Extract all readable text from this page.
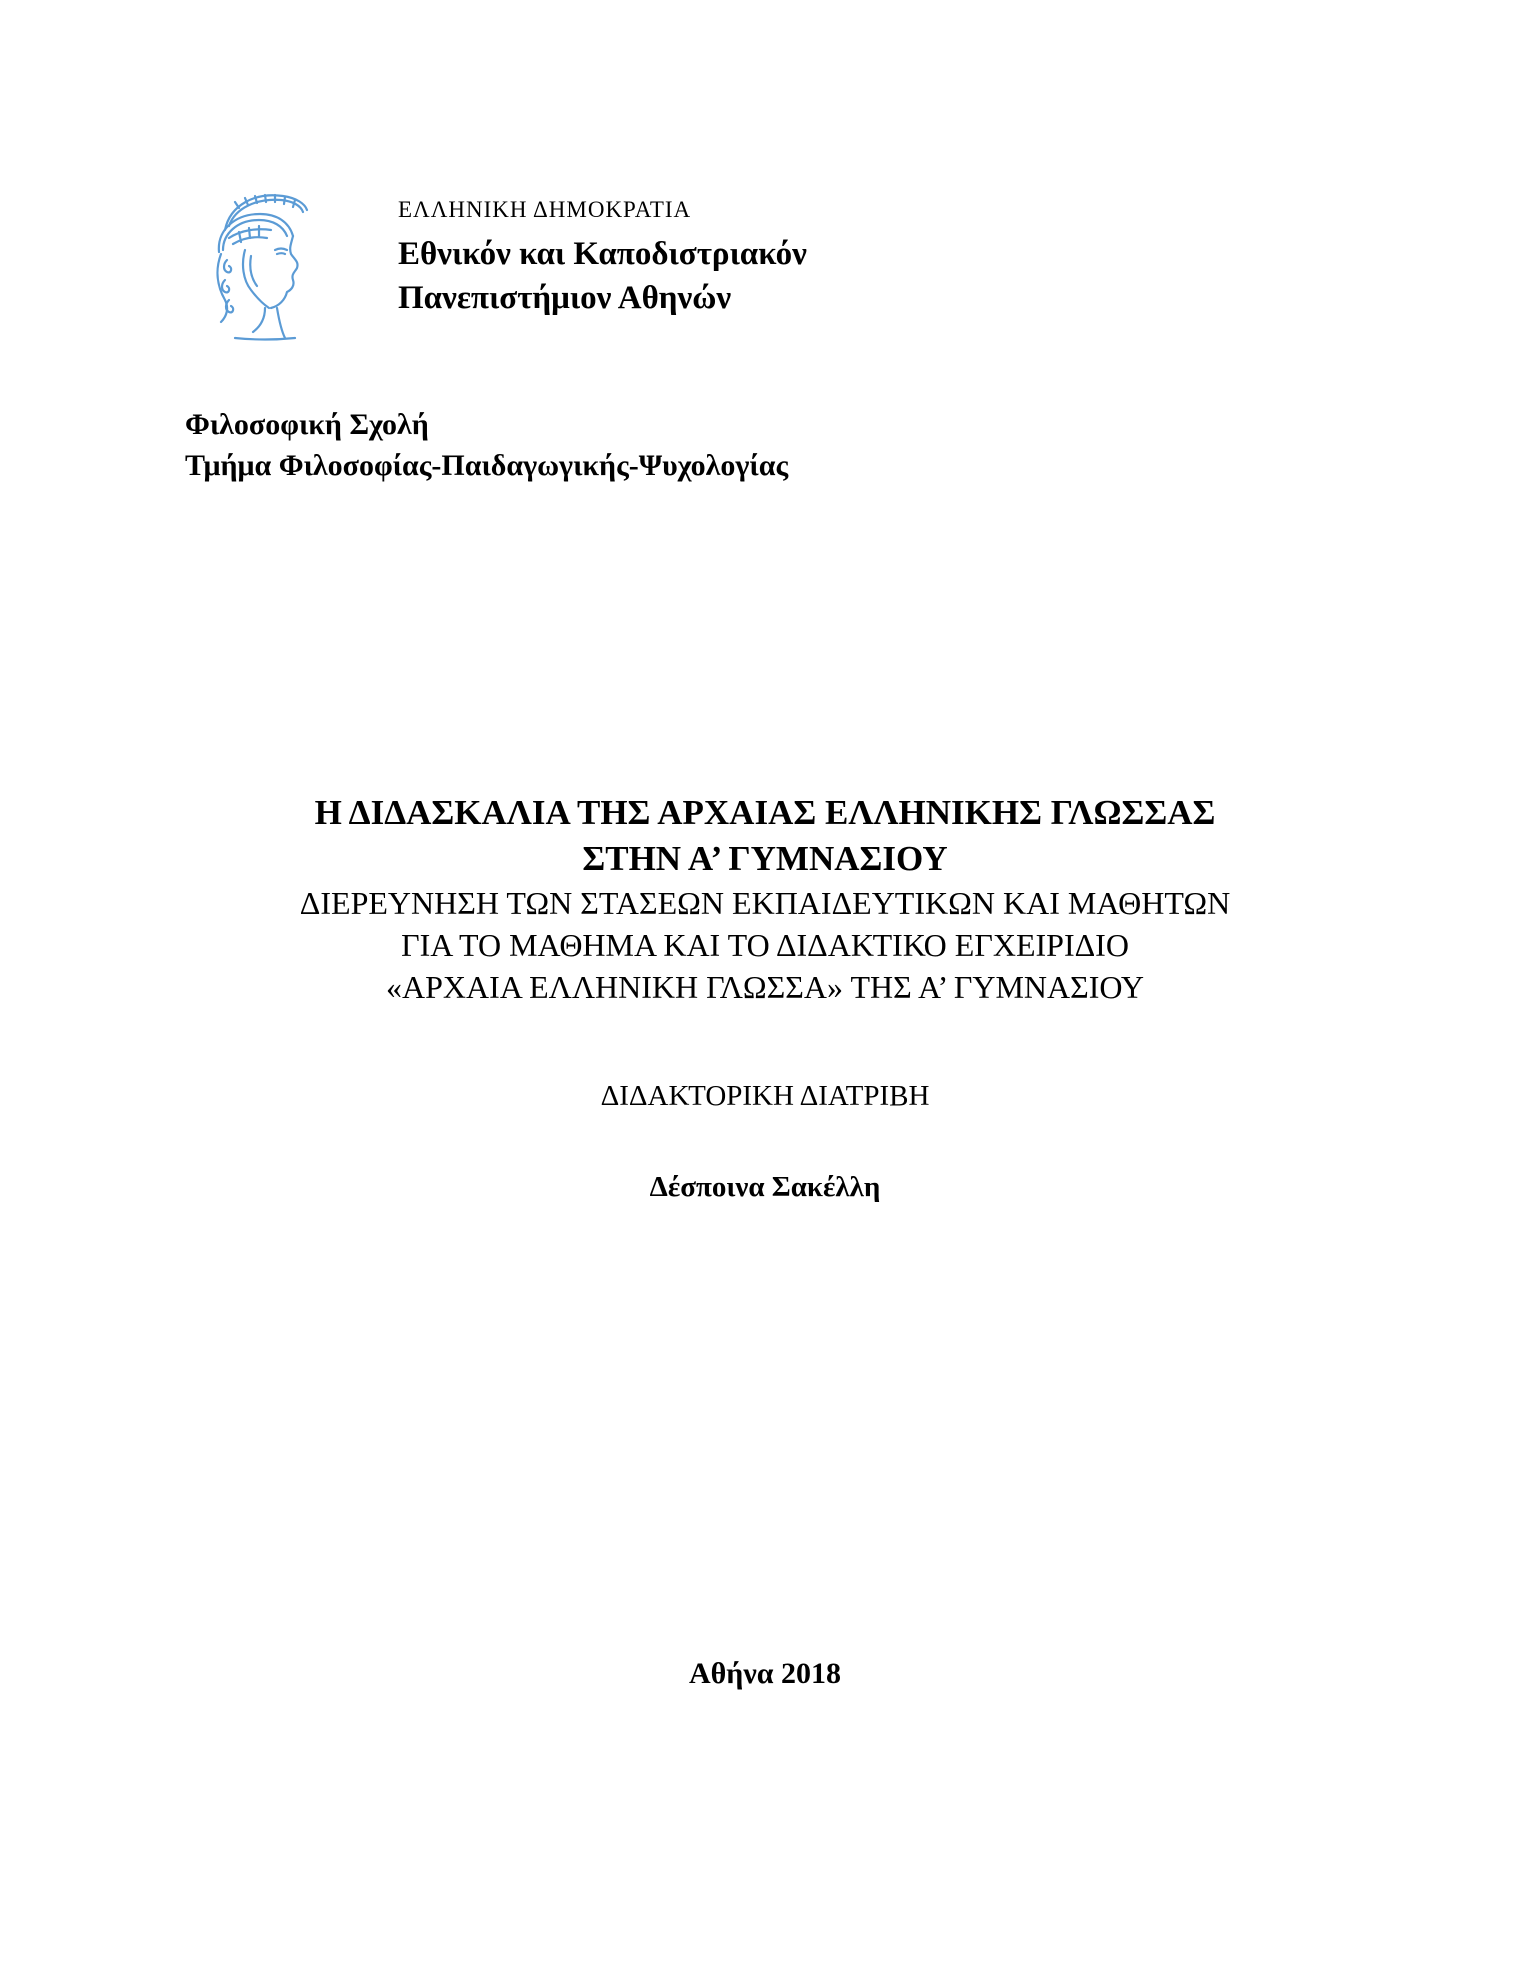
ΕΛΛΗΝΙΚΗ ΔΗΜΟΚΡΑΤΙΑ
Εθνικόν και Καποδιστριακόν
Πανεπιστήμιον Αθηνών
Φιλοσοφική Σχολή
Τμήμα Φιλοσοφίας-Παιδαγωγικής-Ψυχολογίας
Η ΔΙΔΑΣΚΑΛΙΑ ΤΗΣ ΑΡΧΑΙΑΣ ΕΛΛΗΝΙΚΗΣ ΓΛΩΣΣΑΣ
ΣΤΗΝ Α’ ΓΥΜΝΑΣΙΟΥ
ΔΙΕΡΕΥΝΗΣΗ ΤΩΝ ΣΤΑΣΕΩΝ ΕΚΠΑΙΔΕΥΤΙΚΩΝ ΚΑΙ ΜΑΘΗΤΩΝ
ΓΙΑ ΤΟ ΜΑΘΗΜΑ ΚΑΙ ΤΟ ΔΙΔΑΚΤΙΚΟ ΕΓΧΕΙΡΙΔΙΟ
«ΑΡΧΑΙΑ ΕΛΛΗΝΙΚΗ ΓΛΩΣΣΑ» ΤΗΣ Α’ ΓΥΜΝΑΣΙΟΥ
ΔΙΔΑΚΤΟΡΙΚΗ ΔΙΑΤΡΙΒΗ
Δέσποινα Σακέλλη
Αθήνα 2018
